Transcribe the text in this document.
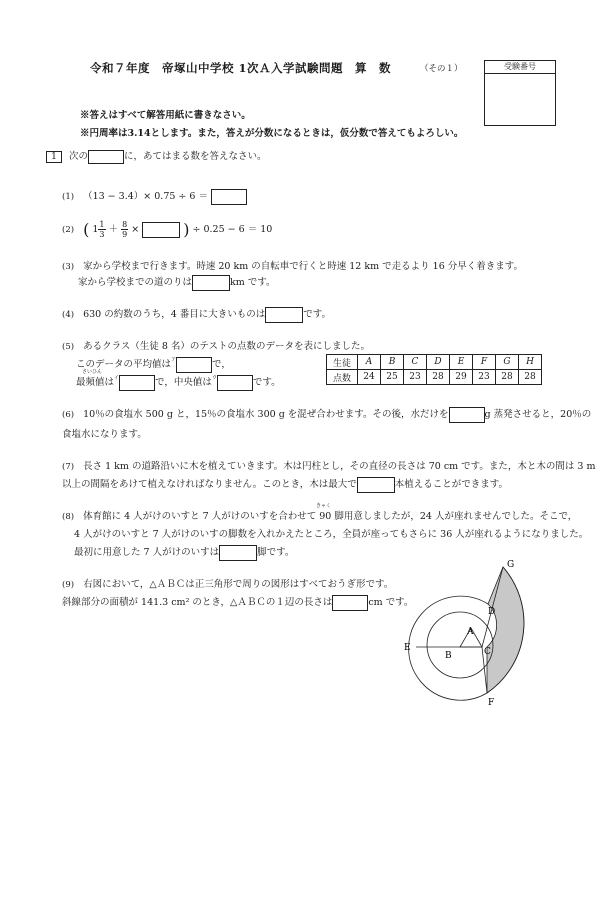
令和７年度　帝塚山中学校 1次Ａ入学試験問題　算　数	（その１）	受験番号
※答えはすべて解答用紙に書きなさい。
※円周率は3.14とします。また，答えが分数になるときは，仮分数で答えてもよろしい。
1 次の	に，あてはまる数を答えなさい。
(1) （13 − 3.4）× 0.75 ÷ 6 ＝
(2) ( $1 \frac{1}{3} + \frac{8}{9}$ ×	) ÷ 0.25 − 6 ＝ 10
(3) 家から学校まで行きます。時速 20 km の自転車で行くと時速 12 km で走るより 16 分早く着きます。
家から学校までの道のりは	km です。
(4) 630 の約数のうち，4 番目に大きいものは	です。
(5) あるクラス（生徒 8 名）のテストの点数のデータを表にしました。
このデータの平均値は$^ア$	で，
さいひん
最頻値は$^イ$	で，中央値は$^ウ$	です。
生徒	A	B	C	D	E	F	G	H
点数	24	25	23	28	29	23	28	28
(6) 10％の食塩水 500 g と，15％の食塩水 300 g を混ぜ合わせます。その後，水だけを	g 蒸発させると，20％の
食塩水になります。
(7) 長さ 1 km の道路沿いに木を植えていきます。木は円柱とし，その直径の長さは 70 cm です。また，木と木の間は 3 m
以上の間隔をあけて植えなければなりません。このとき，木は最大で	本植えることができます。
きゃく
(8) 体育館に 4 人がけのいすと 7 人がけのいすを合わせて 90 脚用意しましたが，24 人が座れませんでした。そこで，
4 人がけのいすと 7 人がけのいすの脚数を入れかえたところ，全員が座ってもさらに 36 人が座れるようになりました。
最初に用意した 7 人がけのいすは	脚です。
(9) 右図において，△ＡＢＣは正三角形で周りの図形はすべておうぎ形です。
斜線部分の面積が 141.3 cm² のとき，△ＡＢＣの１辺の長さは	cm です。
A
B	C
D
E
F
G
